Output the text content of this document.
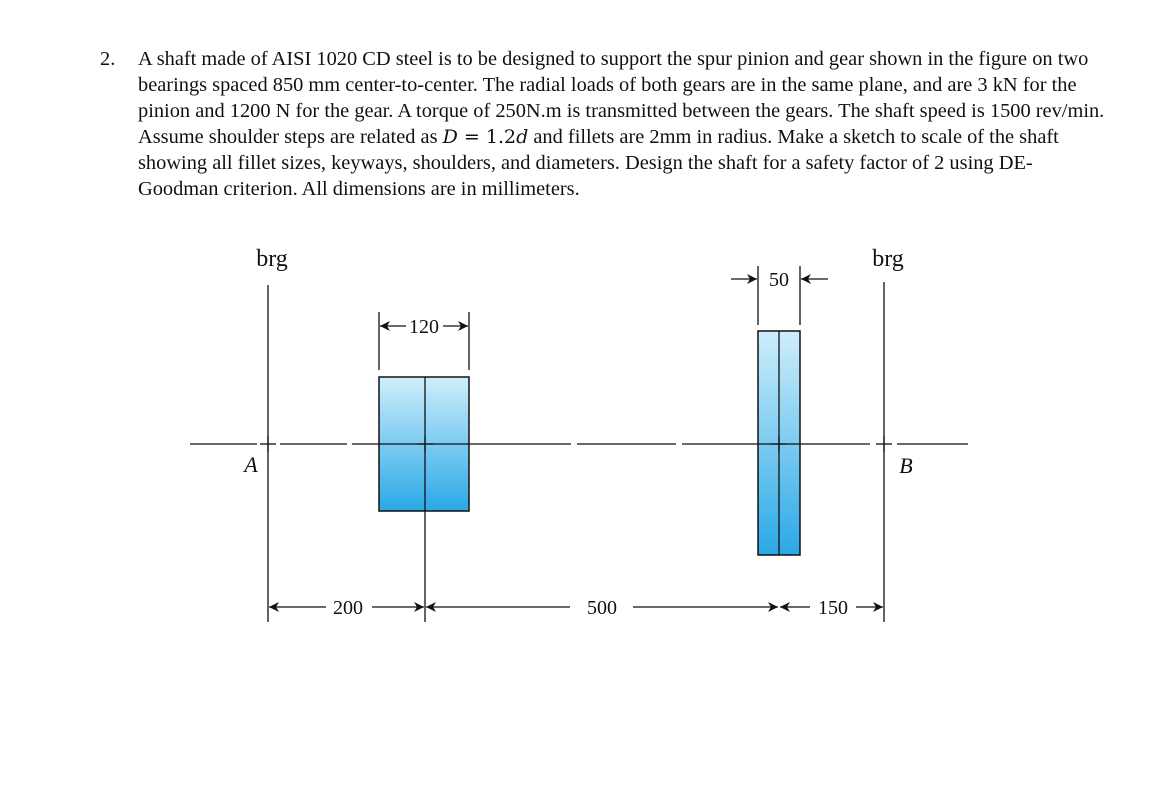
2. A shaft made of AISI 1020 CD steel is to be designed to support the spur pinion and gear shown in the figure on two bearings spaced 850 mm center-to-center. The radial loads of both gears are in the same plane, and are 3 kN for the pinion and 1200 N for the gear. A torque of 250N.m is transmitted between the gears. The shaft speed is 1500 rev/min. Assume shoulder steps are related as D = 1.2d and fillets are 2mm in radius. Make a sketch to scale of the shaft showing all fillet sizes, keyways, shoulders, and diameters. Design the shaft for a safety factor of 2 using DE-Goodman criterion. All dimensions are in millimeters.
120
50
200	500	150
brg	brg
A	B
